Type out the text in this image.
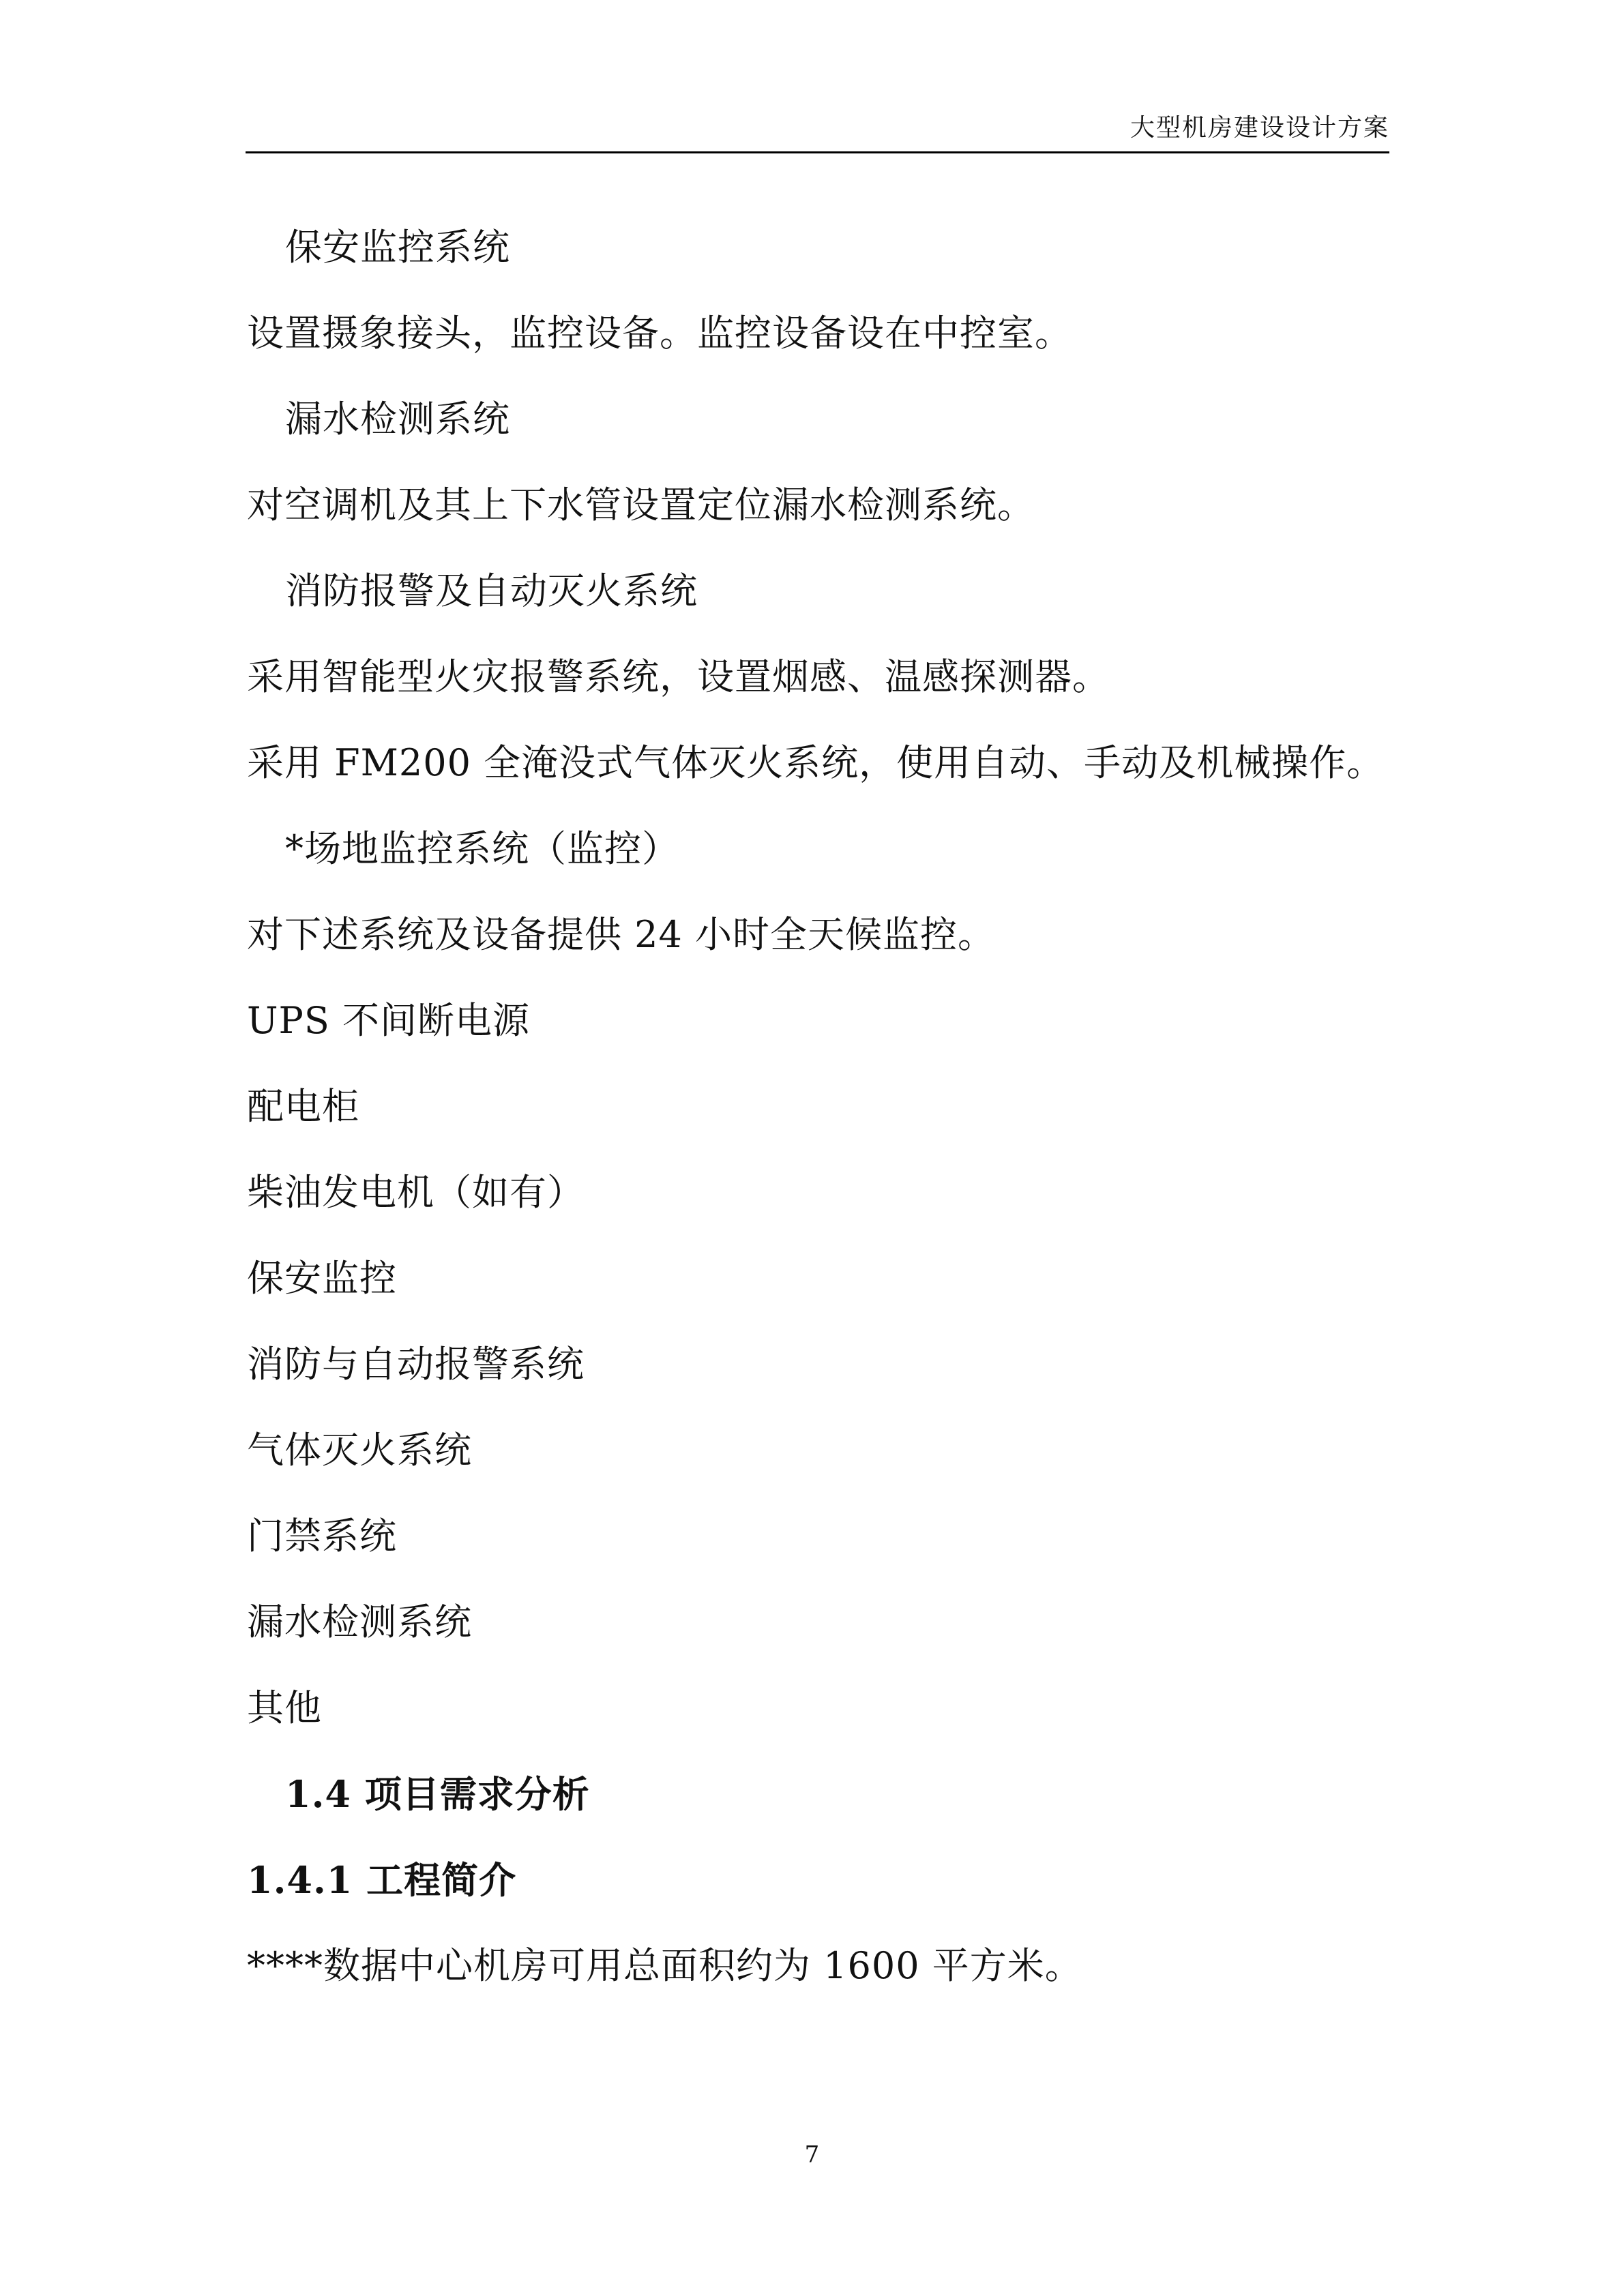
大型机房建设设计方案
保安监控系统
设置摄象接头，监控设备。监控设备设在中控室。
漏水检测系统
对空调机及其上下水管设置定位漏水检测系统。
消防报警及自动灭火系统
采用智能型火灾报警系统，设置烟感、温感探测器。
采用 FM200 全淹没式气体灭火系统，使用自动、手动及机械操作。
*场地监控系统（监控）
对下述系统及设备提供 24 小时全天候监控。
UPS 不间断电源
配电柜
柴油发电机（如有）
保安监控
消防与自动报警系统
气体灭火系统
门禁系统
漏水检测系统
其他
1.4 项目需求分析
1.4.1 工程简介
****数据中心机房可用总面积约为 1600 平方米。
7
